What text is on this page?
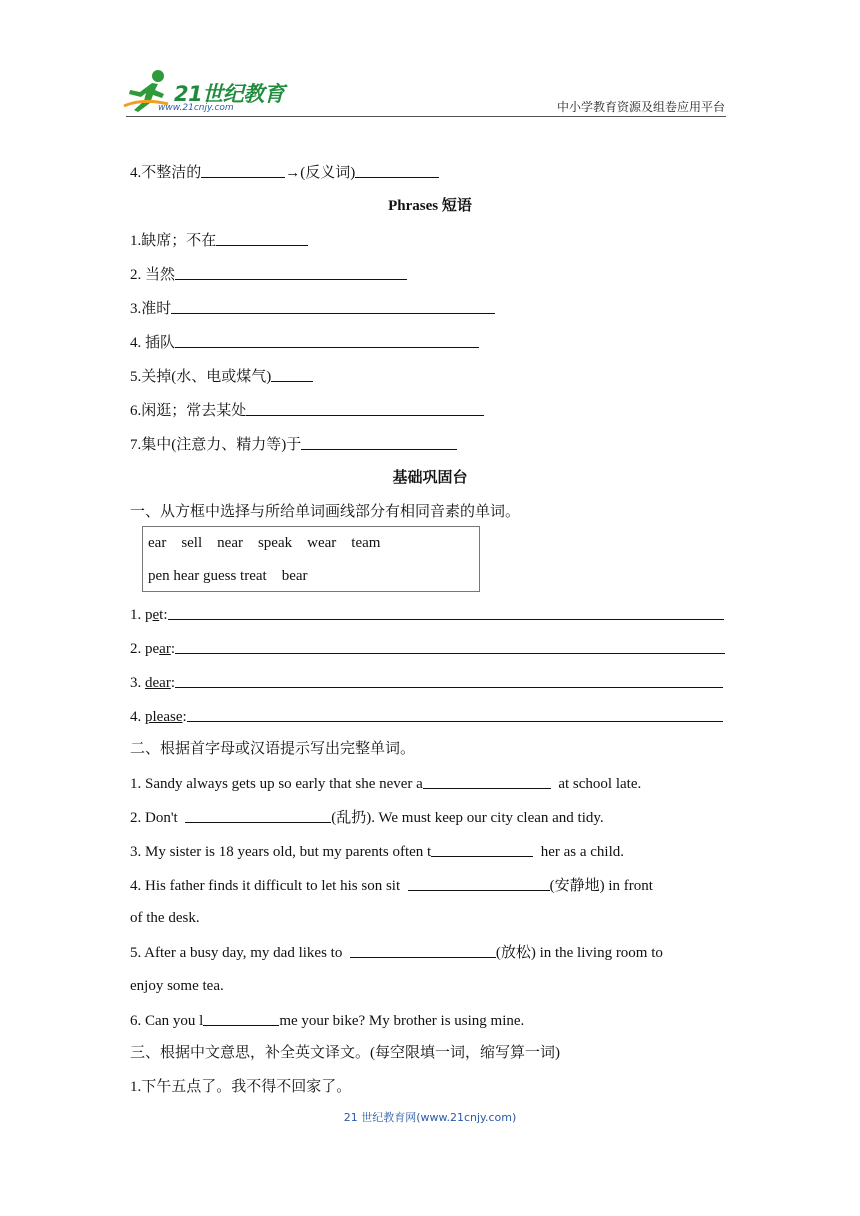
21世纪教育
www.21cnjy.com	中小学教育资源及组卷应用平台
4.不整洁的	→(反义词)
Phrases 短语
1.缺席；不在
2. 当然
3.准时
4. 插队
5.关掉(水、电或煤气)
6.闲逛；常去某处
7.集中(注意力、精力等)于
基础巩固台
一、从方框中选择与所给单词画线部分有相同音素的单词。
ear sell near speak wear team
pen hear guess treat    bear
1. pet:
2. pear:
3. dear:
4. please:
二、根据首字母或汉语提示写出完整单词。
1. Sandy always gets up so early that she never a	at school late.
2. Don't	(乱扔). We must keep our city clean and tidy.
3. My sister is 18 years old, but my parents often t	her as a child.
4. His father finds it difficult to let his son sit	(安静地) in front
of the desk.
5. After a busy day, my dad likes to	(放松) in the living room to
enjoy some tea.
6. Can you l	me your bike? My brother is using mine.
三、根据中文意思，补全英文译文。(每空限填一词，缩写算一词)
1.下午五点了。我不得不回家了。
21 世纪教育网(www.21cnjy.com)
